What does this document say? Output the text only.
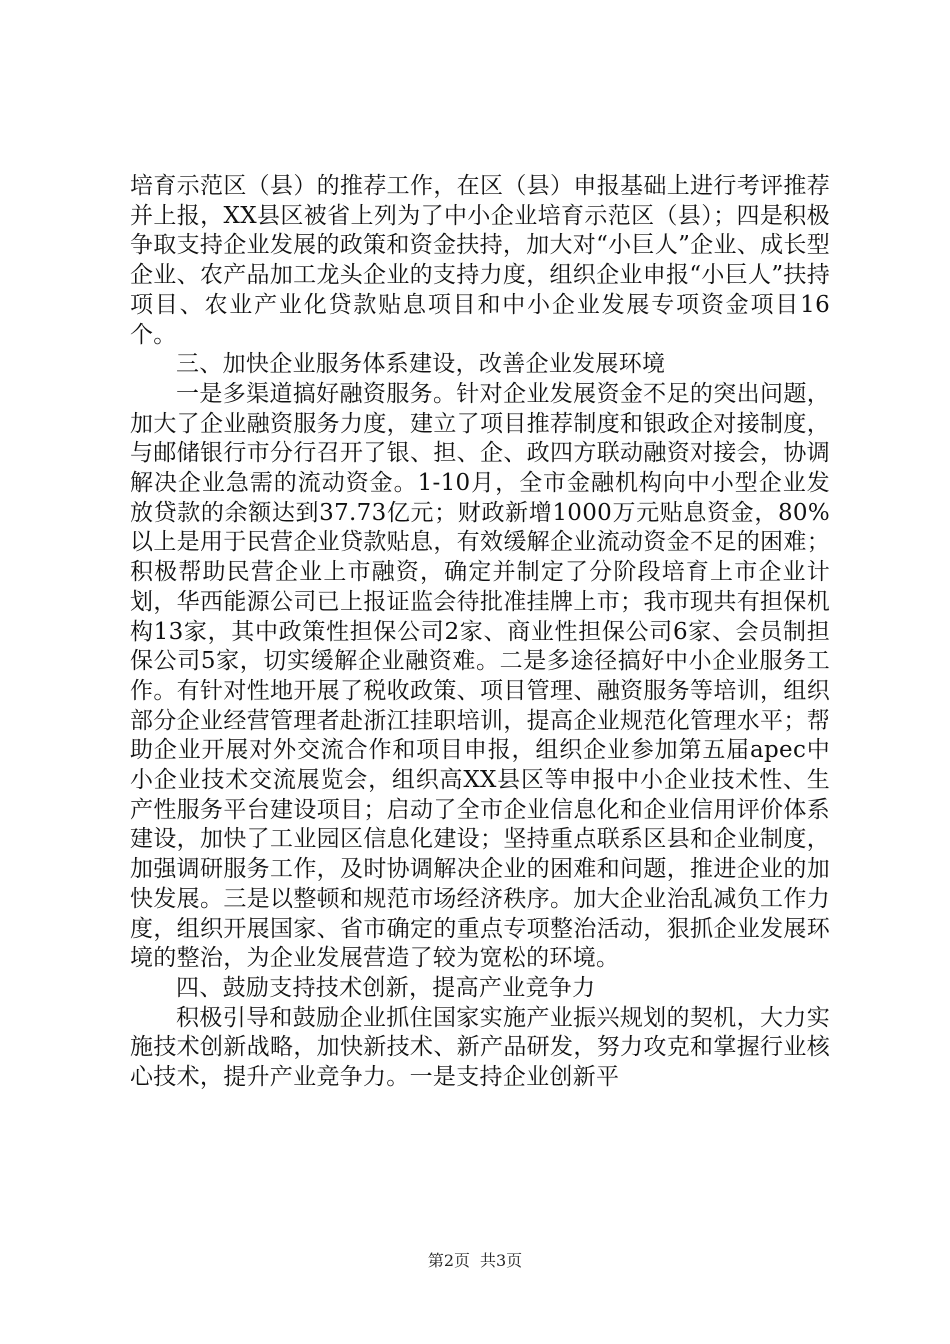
培育示范区（县）的推荐工作，在区（县）申报基础上进行考评推荐并上报，XX县区被省上列为了中小企业培育示范区（县）；四是积极争取支持企业发展的政策和资金扶持，加大对“小巨人”企业、成长型企业、农产品加工龙头企业的支持力度，组织企业申报“小巨人”扶持项目、农业产业化贷款贴息项目和中小企业发展专项资金项目16个。

三、加快企业服务体系建设，改善企业发展环境

一是多渠道搞好融资服务。针对企业发展资金不足的突出问题，加大了企业融资服务力度，建立了项目推荐制度和银政企对接制度，与邮储银行市分行召开了银、担、企、政四方联动融资对接会，协调解决企业急需的流动资金。1-10月，全市金融机构向中小型企业发放贷款的余额达到37.73亿元；财政新增1000万元贴息资金，80%以上是用于民营企业贷款贴息，有效缓解企业流动资金不足的困难；积极帮助民营企业上市融资，确定并制定了分阶段培育上市企业计划，华西能源公司已上报证监会待批准挂牌上市；我市现共有担保机构13家，其中政策性担保公司2家、商业性担保公司6家、会员制担保公司5家，切实缓解企业融资难。二是多途径搞好中小企业服务工作。有针对性地开展了税收政策、项目管理、融资服务等培训，组织部分企业经营管理者赴浙江挂职培训，提高企业规范化管理水平；帮助企业开展对外交流合作和项目申报，组织企业参加第五届apec中小企业技术交流展览会，组织高XX县区等申报中小企业技术性、生产性服务平台建设项目；启动了全市企业信息化和企业信用评价体系建设，加快了工业园区信息化建设；坚持重点联系区县和企业制度，加强调研服务工作，及时协调解决企业的困难和问题，推进企业的加快发展。三是以整顿和规范市场经济秩序。加大企业治乱减负工作力度，组织开展国家、省市确定的重点专项整治活动，狠抓企业发展环境的整治，为企业发展营造了较为宽松的环境。

四、鼓励支持技术创新，提高产业竞争力

积极引导和鼓励企业抓住国家实施产业振兴规划的契机，大力实施技术创新战略，加快新技术、新产品研发，努力攻克和掌握行业核心技术，提升产业竞争力。一是支持企业创新平

第2页 共3页
